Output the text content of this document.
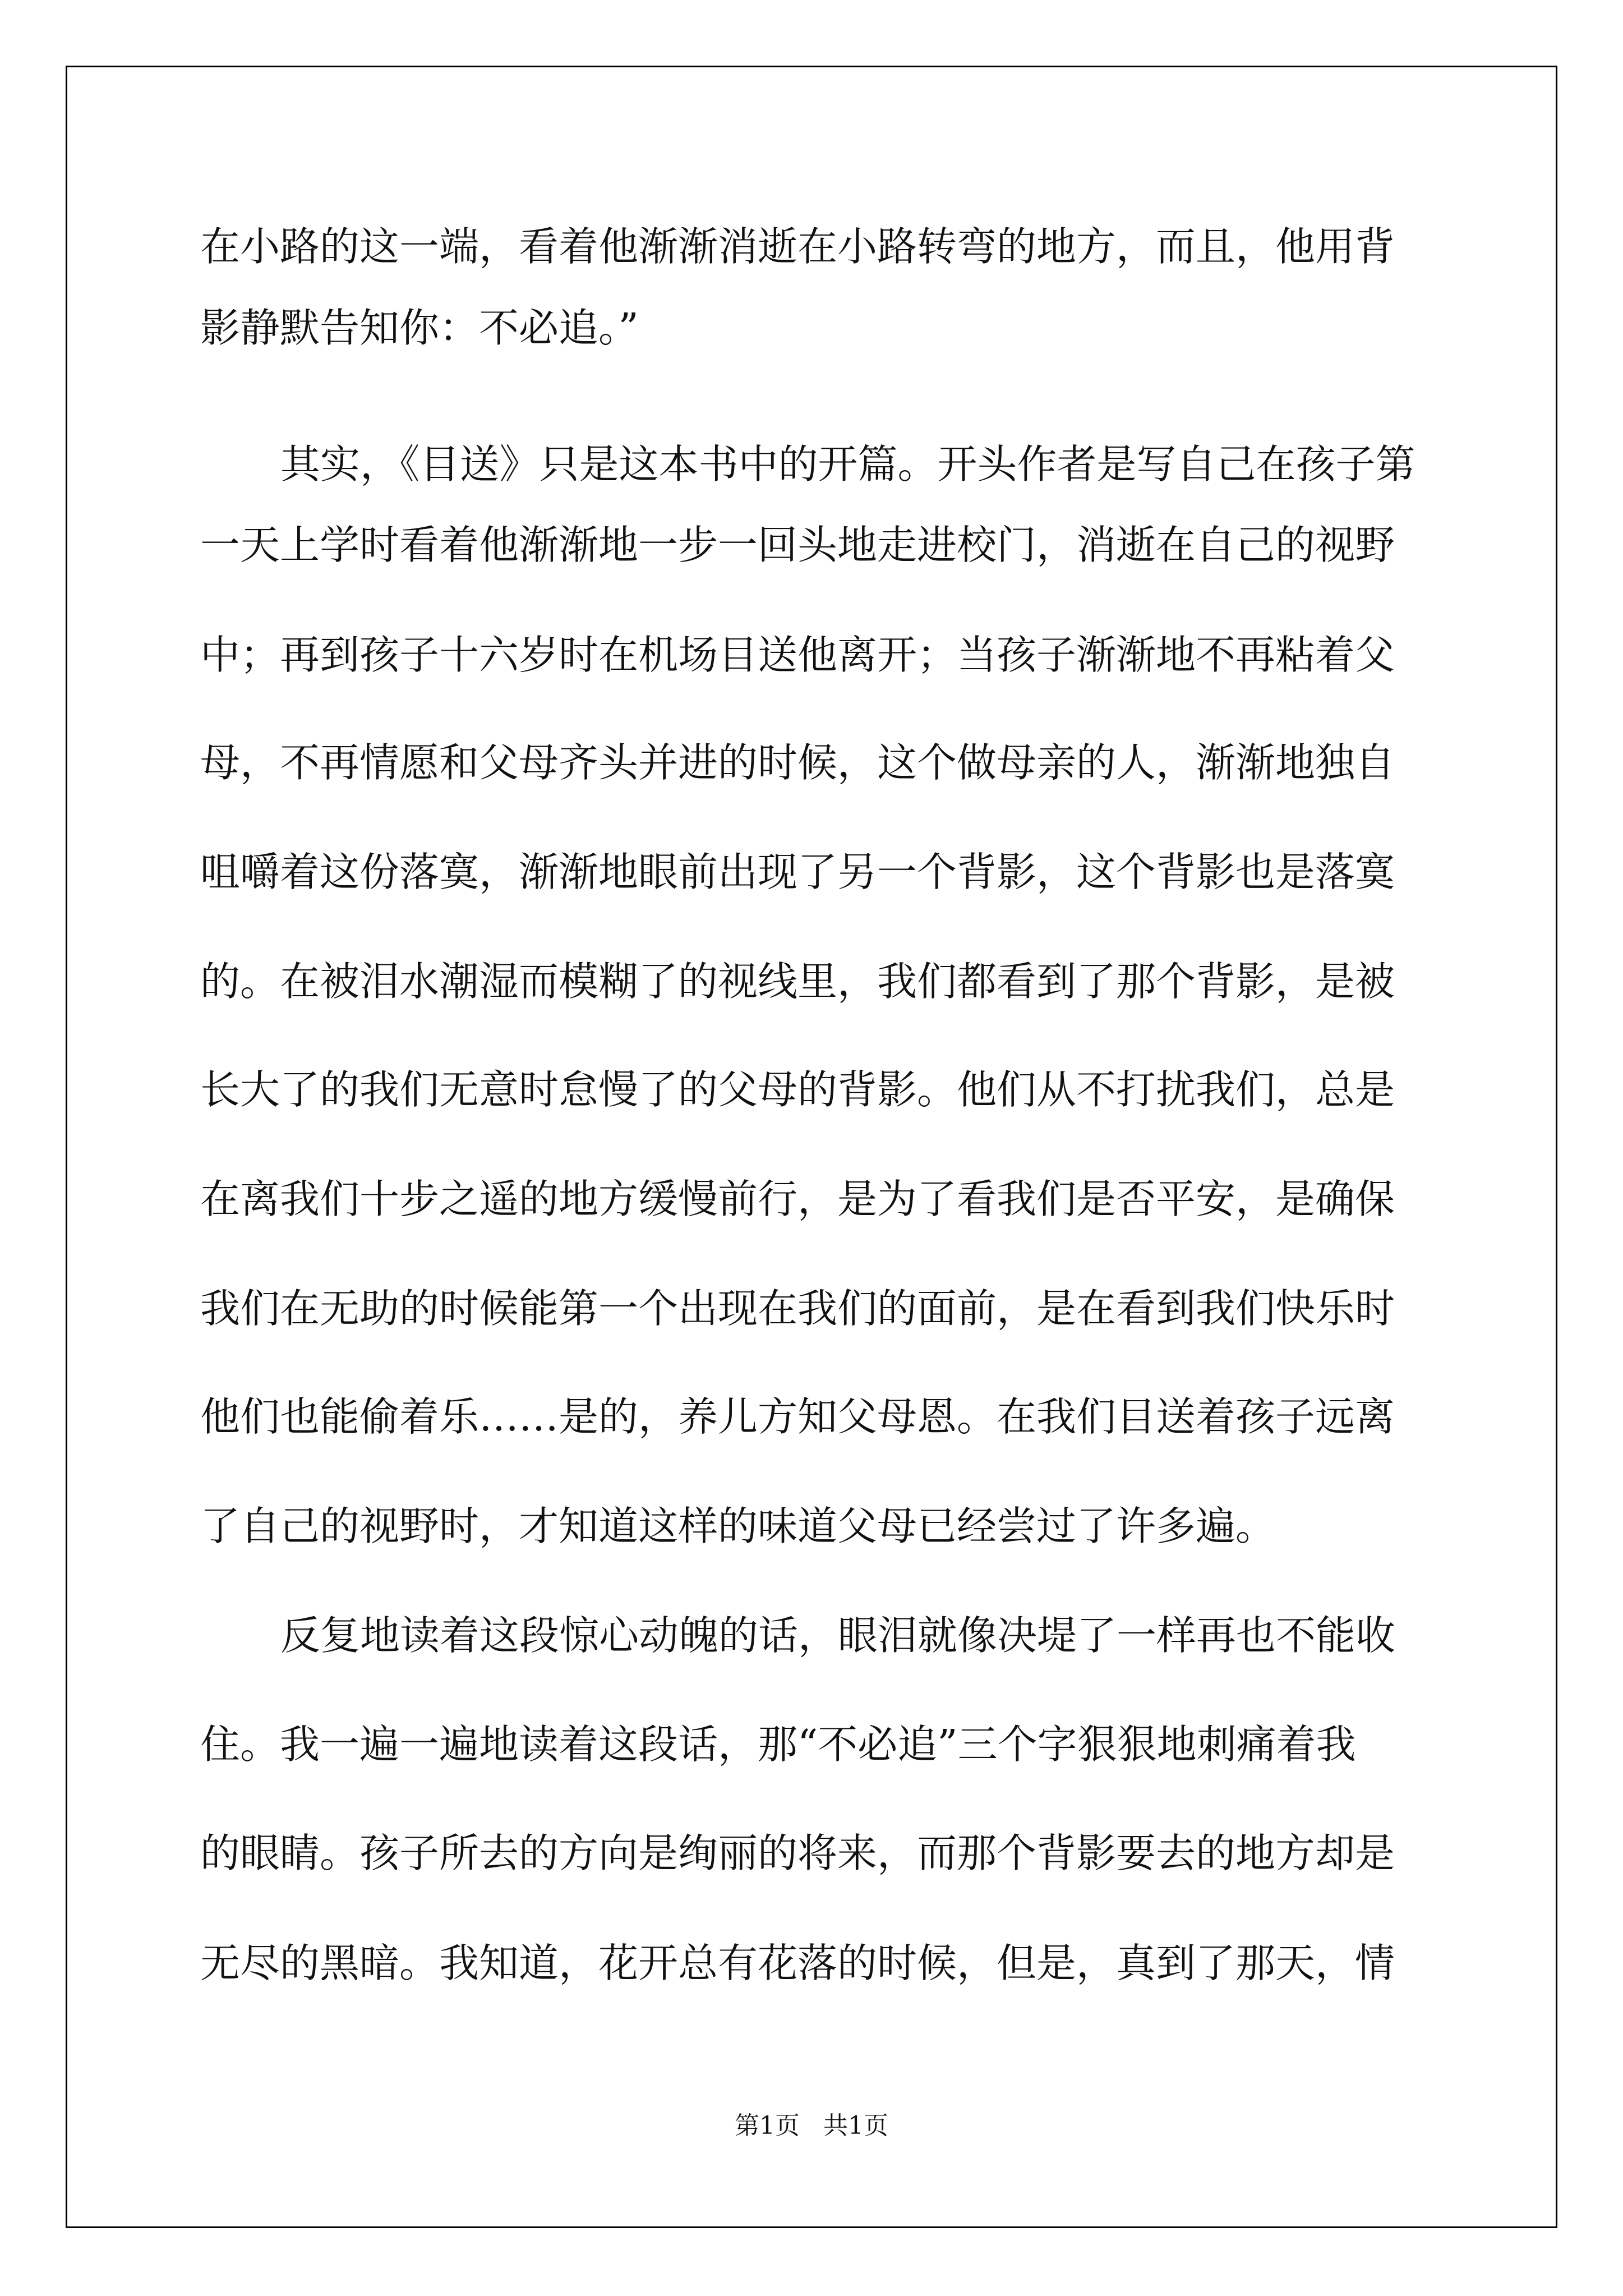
在小路的这一端，看着他渐渐消逝在小路转弯的地方，而且，他用背
影静默告知你：不必追。”
其实，《目送》只是这本书中的开篇。开头作者是写自己在孩子第
一天上学时看着他渐渐地一步一回头地走进校门，消逝在自己的视野
中；再到孩子十六岁时在机场目送他离开；当孩子渐渐地不再粘着父
母，不再情愿和父母齐头并进的时候，这个做母亲的人，渐渐地独自
咀嚼着这份落寞，渐渐地眼前出现了另一个背影，这个背影也是落寞
的。在被泪水潮湿而模糊了的视线里，我们都看到了那个背影，是被
长大了的我们无意时怠慢了的父母的背影。他们从不打扰我们，总是
在离我们十步之遥的地方缓慢前行，是为了看我们是否平安，是确保
我们在无助的时候能第一个出现在我们的面前，是在看到我们快乐时
他们也能偷着乐……是的，养儿方知父母恩。在我们目送着孩子远离
了自己的视野时，才知道这样的味道父母已经尝过了许多遍。
反复地读着这段惊心动魄的话，眼泪就像决堤了一样再也不能收
住。我一遍一遍地读着这段话，那“不必追”三个字狠狠地刺痛着我
的眼睛。孩子所去的方向是绚丽的将来，而那个背影要去的地方却是
无尽的黑暗。我知道，花开总有花落的时候，但是，真到了那天，情
第1页   共1页
